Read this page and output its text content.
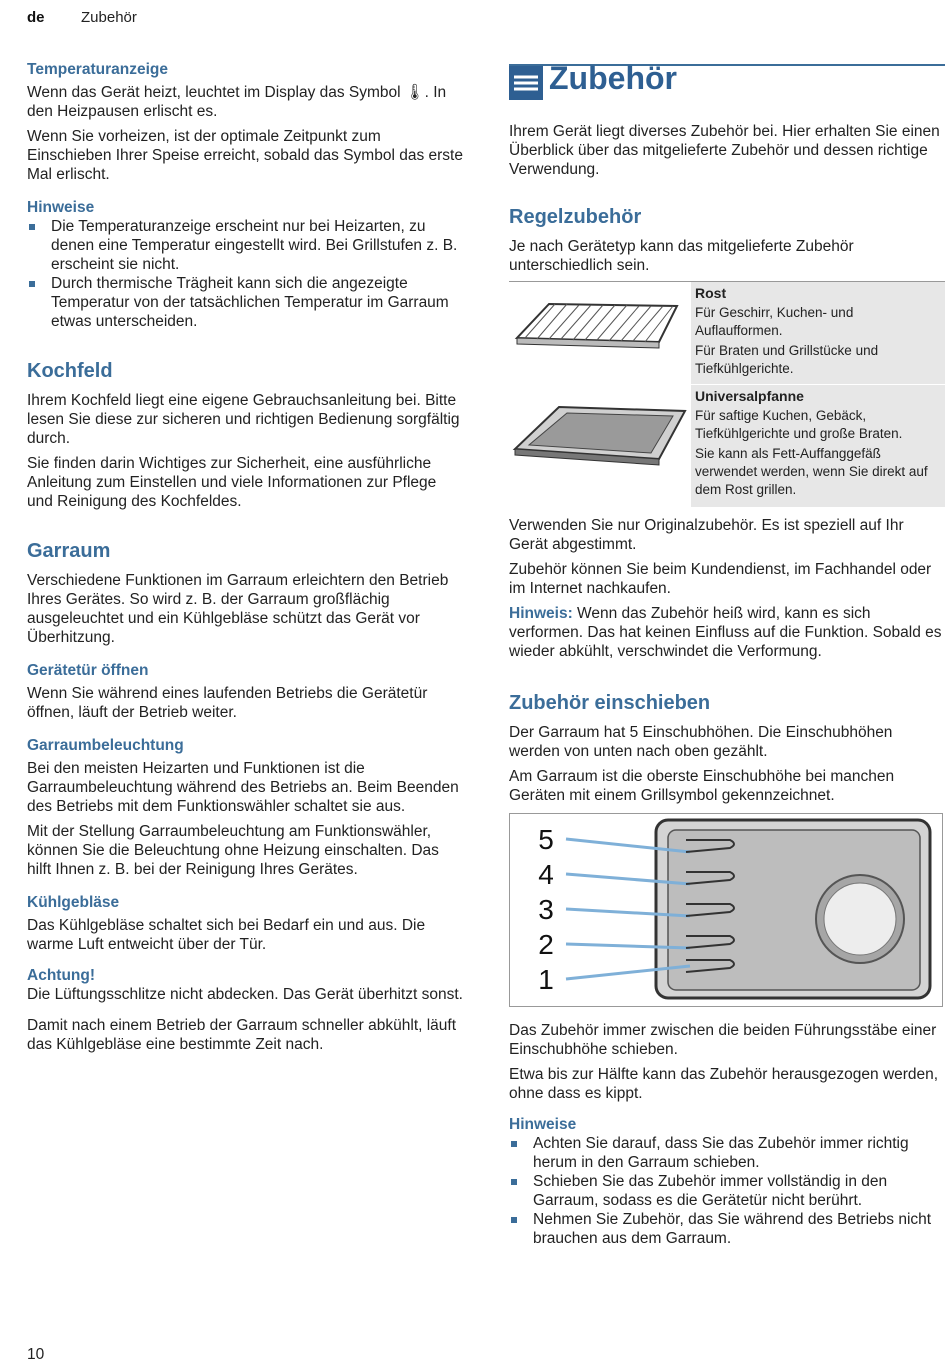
de Zubehör
Temperaturanzeige

Wenn das Gerät heizt, leuchtet im Display das Symbol 🌡. In den Heizpausen erlischt es.

Wenn Sie vorheizen, ist der optimale Zeitpunkt zum Einschieben Ihrer Speise erreicht, sobald das Symbol das erste Mal erlischt.

Hinweise
Die Temperaturanzeige erscheint nur bei Heizarten, zu denen eine Temperatur eingestellt wird. Bei Grillstufen z. B. erscheint sie nicht.
Durch thermische Trägheit kann sich die angezeigte Temperatur von der tatsächlichen Temperatur im Garraum etwas unterscheiden.
Kochfeld

Ihrem Kochfeld liegt eine eigene Gebrauchsanleitung bei. Bitte lesen Sie diese zur sicheren und richtigen Bedienung sorgfältig durch.

Sie finden darin Wichtiges zur Sicherheit, eine ausführliche Anleitung zum Einstellen und viele Informationen zur Pflege und Reinigung des Kochfeldes.

Garraum

Verschiedene Funktionen im Garraum erleichtern den Betrieb Ihres Gerätes. So wird z. B. der Garraum großflächig ausgeleuchtet und ein Kühlgebläse schützt das Gerät vor Überhitzung.

Gerätetür öffnen

Wenn Sie während eines laufenden Betriebs die Gerätetür öffnen, läuft der Betrieb weiter.

Garraumbeleuchtung

Bei den meisten Heizarten und Funktionen ist die Garraumbeleuchtung während des Betriebs an. Beim Beenden des Betriebs mit dem Funktionswähler schaltet sie aus.

Mit der Stellung Garraumbeleuchtung am Funktionswähler, können Sie die Beleuchtung ohne Heizung einschalten. Das hilft Ihnen z. B. bei der Reinigung Ihres Gerätes.

Kühlgebläse

Das Kühlgebläse schaltet sich bei Bedarf ein und aus. Die warme Luft entweicht über der Tür.

Achtung!

Die Lüftungsschlitze nicht abdecken. Das Gerät überhitzt sonst.

Damit nach einem Betrieb der Garraum schneller abkühlt, läuft das Kühlgebläse eine bestimmte Zeit nach.

Zubehör

Ihrem Gerät liegt diverses Zubehör bei. Hier erhalten Sie einen Überblick über das mitgelieferte Zubehör und dessen richtige Verwendung.

Regelzubehör

Je nach Gerätetyp kann das mitgelieferte Zubehör unterschiedlich sein.

Rost
Für Geschirr, Kuchen- und Auflaufformen.
Für Braten und Grillstücke und Tiefkühlgerichte.
Universalpfanne
Für saftige Kuchen, Gebäck, Tiefkühlgerichte und große Braten.
Sie kann als Fett-Auffanggefäß verwendet werden, wenn Sie direkt auf dem Rost grillen.

Verwenden Sie nur Originalzubehör. Es ist speziell auf Ihr Gerät abgestimmt.

Zubehör können Sie beim Kundendienst, im Fachhandel oder im Internet nachkaufen.

Hinweis: Wenn das Zubehör heiß wird, kann es sich verformen. Das hat keinen Einfluss auf die Funktion. Sobald es wieder abkühlt, verschwindet die Verformung.

Zubehör einschieben

Der Garraum hat 5 Einschubhöhen. Die Einschubhöhen werden von unten nach oben gezählt.

Am Garraum ist die oberste Einschubhöhe bei manchen Geräten mit einem Grillsymbol gekennzeichnet.

5
4
3
2
1

Das Zubehör immer zwischen die beiden Führungsstäbe einer Einschubhöhe schieben.

Etwa bis zur Hälfte kann das Zubehör herausgezogen werden, ohne dass es kippt.

Hinweise
Achten Sie darauf, dass Sie das Zubehör immer richtig herum in den Garraum schieben.
Schieben Sie das Zubehör immer vollständig in den Garraum, sodass es die Gerätetür nicht berührt.
Nehmen Sie Zubehör, das Sie während des Betriebs nicht brauchen aus dem Garraum.
10
